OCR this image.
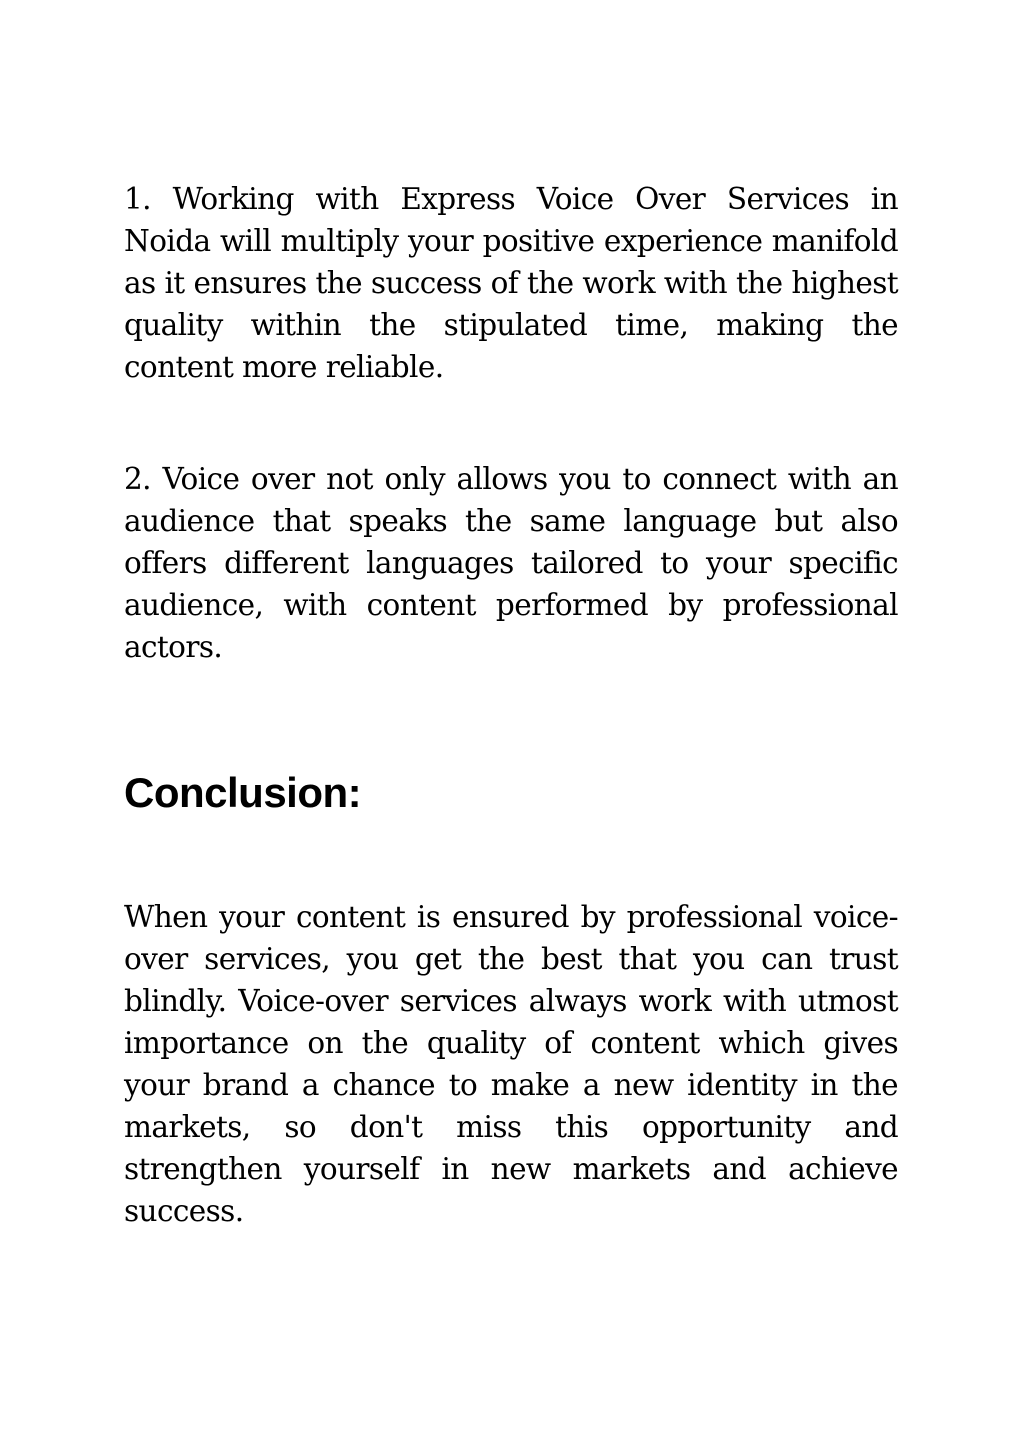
1. Working with Express Voice Over Services in Noida will multiply your positive experience manifold as it ensures the success of the work with the highest quality within the stipulated time, making the content more reliable.

2. Voice over not only allows you to connect with an audience that speaks the same language but also offers different languages tailored to your specific audience, with content performed by professional actors.

Conclusion:

When your content is ensured by professional voice-over services, you get the best that you can trust blindly. Voice-over services always work with utmost importance on the quality of content which gives your brand a chance to make a new identity in the markets, so don't miss this opportunity and strengthen yourself in new markets and achieve success.
